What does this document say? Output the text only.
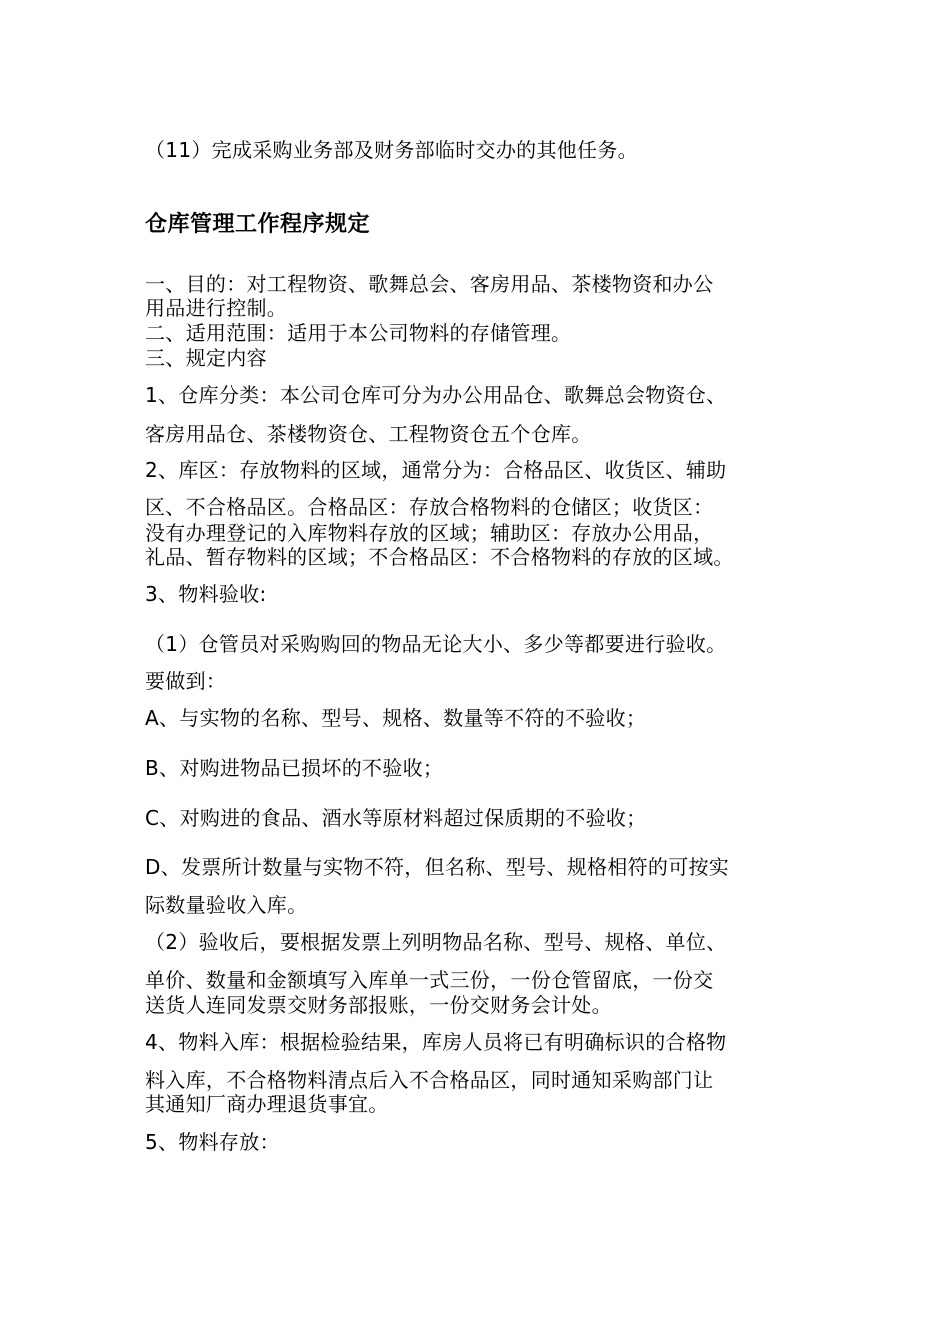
（11）完成采购业务部及财务部临时交办的其他任务。
仓库管理工作程序规定
一、目的：对工程物资、歌舞总会、客房用品、茶楼物资和办公
用品进行控制。
二、适用范围：适用于本公司物料的存储管理。
三、规定内容
1、仓库分类：本公司仓库可分为办公用品仓、歌舞总会物资仓、
客房用品仓、茶楼物资仓、工程物资仓五个仓库。
2、库区：存放物料的区域，通常分为：合格品区、收货区、辅助
区、不合格品区。合格品区：存放合格物料的仓储区；收货区：
没有办理登记的入库物料存放的区域；辅助区：存放办公用品，
礼品、暂存物料的区域；不合格品区：不合格物料的存放的区域。
3、物料验收:
（1）仓管员对采购购回的物品无论大小、多少等都要进行验收。
要做到：
A、与实物的名称、型号、规格、数量等不符的不验收；
B、对购进物品已损坏的不验收；
C、对购进的食品、酒水等原材料超过保质期的不验收；
D、发票所计数量与实物不符，但名称、型号、规格相符的可按实
际数量验收入库。
（2）验收后，要根据发票上列明物品名称、型号、规格、单位、
单价、数量和金额填写入库单一式三份，一份仓管留底，一份交
送货人连同发票交财务部报账，一份交财务会计处。
4、物料入库：根据检验结果，库房人员将已有明确标识的合格物
料入库，不合格物料清点后入不合格品区，同时通知采购部门让
其通知厂商办理退货事宜。
5、物料存放：
